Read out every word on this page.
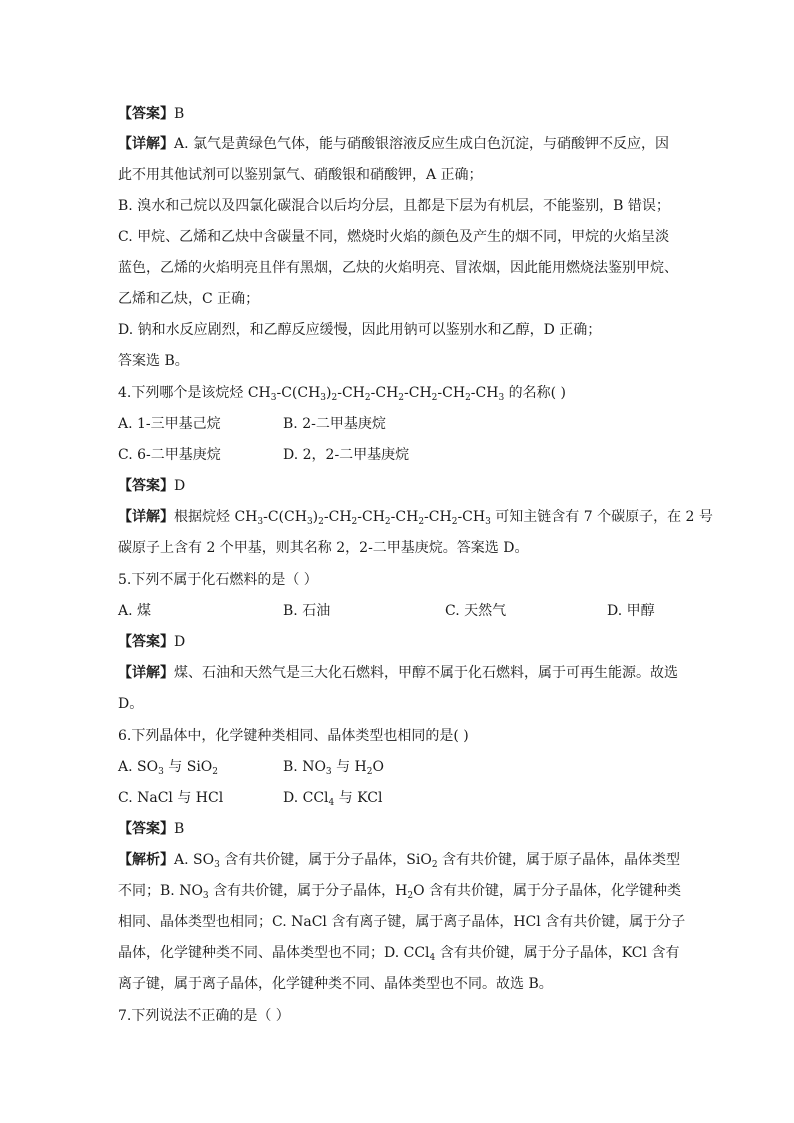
【答案】B
【详解】A. 氯气是黄绿色气体，能与硝酸银溶液反应生成白色沉淀，与硝酸钾不反应，因
此不用其他试剂可以鉴别氯气、硝酸银和硝酸钾，A 正确；
B. 溴水和己烷以及四氯化碳混合以后均分层，且都是下层为有机层，不能鉴别，B 错误；
C. 甲烷、乙烯和乙炔中含碳量不同，燃烧时火焰的颜色及产生的烟不同，甲烷的火焰呈淡
蓝色，乙烯的火焰明亮且伴有黑烟，乙炔的火焰明亮、冒浓烟，因此能用燃烧法鉴别甲烷、
乙烯和乙炔，C 正确；
D. 钠和水反应剧烈，和乙醇反应缓慢，因此用钠可以鉴别水和乙醇，D 正确；
答案选 B。
4.下列哪个是该烷烃 $CH_3-C(CH_3)_2-CH_2-CH_2-CH_2-CH_2-CH_3$ 的名称( )
A. 1-三甲基己烷	B. 2-二甲基庚烷
C. 6-二甲基庚烷	D. 2，2-二甲基庚烷
【答案】D
【详解】根据烷烃 $CH_3-C(CH_3)_2-CH_2-CH_2-CH_2-CH_2-CH_3$ 可知主链含有 7 个碳原子，在 2 号
碳原子上含有 2 个甲基，则其名称 2，2-二甲基庚烷。答案选 D。
5.下列不属于化石燃料的是（ ）
A. 煤	B. 石油	C. 天然气	D. 甲醇
【答案】D
【详解】煤、石油和天然气是三大化石燃料，甲醇不属于化石燃料，属于可再生能源。故选
D。
6.下列晶体中，化学键种类相同、晶体类型也相同的是( )
A. $SO_3$ 与 SiO$_2$	B. $NO_3$ 与 $H_2O$
C. NaCl 与 HCl	D. CCl$_4$ 与 KCl
【答案】B
【解析】A. $SO_3$ 含有共价键，属于分子晶体，SiO$_2$ 含有共价键，属于原子晶体，晶体类型
不同；B. $NO_3$ 含有共价键，属于分子晶体，$H_2O$ 含有共价键，属于分子晶体，化学键种类
相同、晶体类型也相同；C. NaCl 含有离子键，属于离子晶体，HCl 含有共价键，属于分子
晶体，化学键种类不同、晶体类型也不同；D. CCl$_4$ 含有共价键，属于分子晶体，KCl 含有
离子键，属于离子晶体，化学键种类不同、晶体类型也不同。故选 B。
7.下列说法不正确的是（ ）
